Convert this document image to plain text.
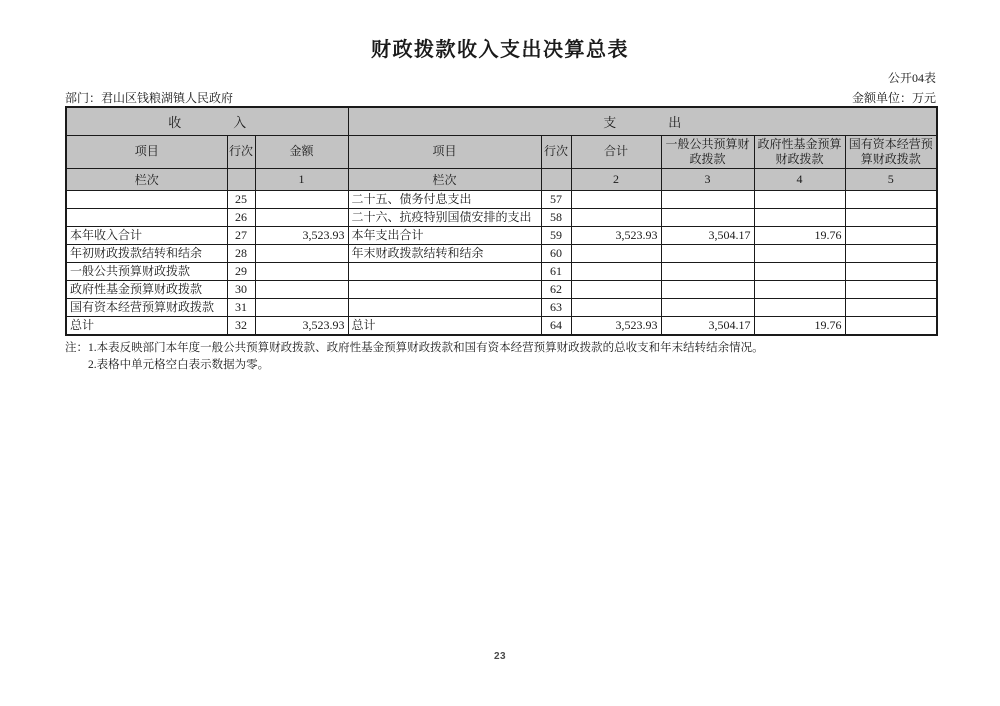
财政拨款收入支出决算总表
公开04表
部门：君山区钱粮湖镇人民政府	金额单位：万元
收　　　　入			支　　　　出					
项目	行次	金额	项目	行次	合计	一般公共预算财政拨款	政府性基金预算财政拨款	国有资本经营预算财政拨款
栏次		1	栏次		2	3	4	5
	25		二十五、债务付息支出	57				
	26		二十六、抗疫特别国债安排的支出	58				
本年收入合计	27	3,523.93	本年支出合计	59	3,523.93	3,504.17	19.76	
年初财政拨款结转和结余	28		年末财政拨款结转和结余	60				
一般公共预算财政拨款	29			61				
政府性基金预算财政拨款	30			62				
国有资本经营预算财政拨款	31			63				
总计	32	3,523.93	总计	64	3,523.93	3,504.17	19.76	
注：1.本表反映部门本年度一般公共预算财政拨款、政府性基金预算财政拨款和国有资本经营预算财政拨款的总收支和年末结转结余情况。
2.表格中单元格空白表示数据为零。
23
